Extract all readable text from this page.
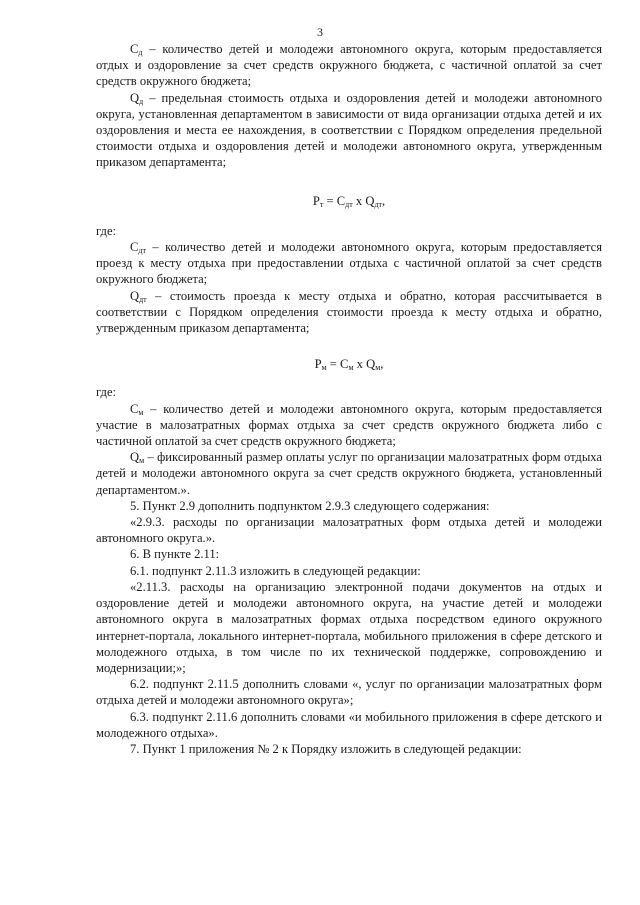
3

$С_д$ – количество детей и молодежи автономного округа, которым предоставляется отдых и оздоровление за счет средств окружного бюджета, с частичной оплатой за счет средств окружного бюджета;

$Q_д$ – предельная стоимость отдыха и оздоровления детей и молодежи автономного округа, установленная департаментом в зависимости от вида организации отдыха детей и их оздоровления и места ее нахождения, в соответствии с Порядком определения предельной стоимости отдыха и оздоровления детей и молодежи автономного округа, утвержденным приказом департамента;

$Р_т = С_{дт}$ х $Q_{дт}$,

где:

$С_{дт}$ – количество детей и молодежи автономного округа, которым предоставляется проезд к месту отдыха при предоставлении отдыха с частичной оплатой за счет средств окружного бюджета;

$Q_{дт}$ – стоимость проезда к месту отдыха и обратно, которая рассчитывается в соответствии с Порядком определения стоимости проезда к месту отдыха и обратно, утвержденным приказом департамента;

$Р_м = С_м$ х $Q_м$,

где:

$С_м$ – количество детей и молодежи автономного округа, которым предоставляется участие в малозатратных формах отдыха за счет средств окружного бюджета либо с частичной оплатой за счет средств окружного бюджета;

$Q_м$ – фиксированный размер оплаты услуг по организации малозатратных форм отдыха детей и молодежи автономного округа за счет средств окружного бюджета, установленный департаментом.».

5. Пункт 2.9 дополнить подпунктом 2.9.3 следующего содержания:

«2.9.3. расходы по организации малозатратных форм отдыха детей и молодежи автономного округа.».

6. В пункте 2.11:

6.1. подпункт 2.11.3 изложить в следующей редакции:

«2.11.3. расходы на организацию электронной подачи документов на отдых и оздоровление детей и молодежи автономного округа, на участие детей и молодежи автономного округа в малозатратных формах отдыха посредством единого окружного интернет-портала, локального интернет-портала, мобильного приложения в сфере детского и молодежного отдыха, в том числе по их технической поддержке, сопровождению и модернизации;»;

6.2. подпункт 2.11.5 дополнить словами «, услуг по организации малозатратных форм отдыха детей и молодежи автономного округа»;

6.3. подпункт 2.11.6 дополнить словами «и мобильного приложения в сфере детского и молодежного отдыха».

7. Пункт 1 приложения № 2 к Порядку изложить в следующей редакции:
